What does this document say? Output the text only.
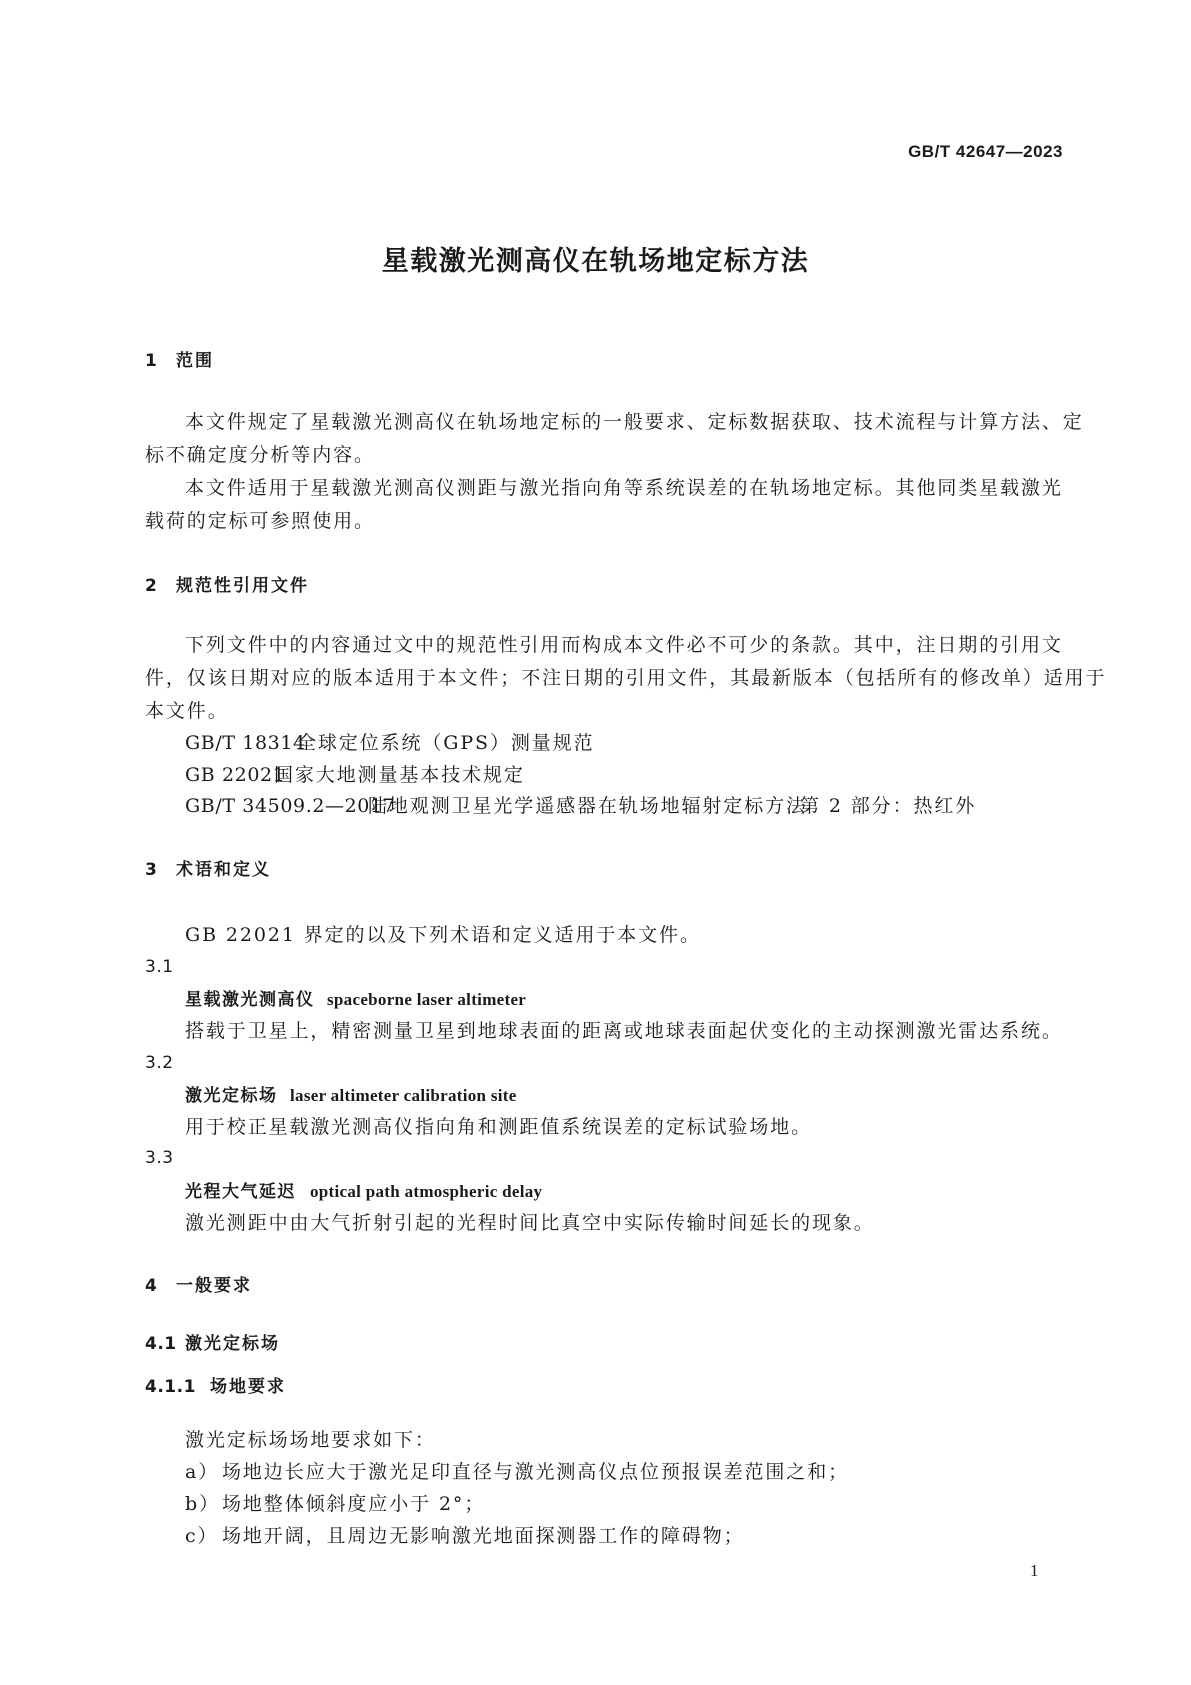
GB/T 42647—2023
星载激光测高仪在轨场地定标方法
1 范围
本文件规定了星载激光测高仪在轨场地定标的一般要求、定标数据获取、技术流程与计算方法、定
标不确定度分析等内容。
本文件适用于星载激光测高仪测距与激光指向角等系统误差的在轨场地定标。其他同类星载激光
载荷的定标可参照使用。
2 规范性引用文件
下列文件中的内容通过文中的规范性引用而构成本文件必不可少的条款。其中，注日期的引用文
件，仅该日期对应的版本适用于本文件；不注日期的引用文件，其最新版本（包括所有的修改单）适用于
本文件。
GB/T 18314
全球定位系统（GPS）测量规范
GB 22021
国家大地测量基本技术规定
GB/T 34509.2—2017
陆地观测卫星光学遥感器在轨场地辐射定标方法
第 2 部分：热红外
3 术语和定义
GB 22021 界定的以及下列术语和定义适用于本文件。
3.1
星载激光测高仪 spaceborne laser altimeter
搭载于卫星上，精密测量卫星到地球表面的距离或地球表面起伏变化的主动探测激光雷达系统。
3.2
激光定标场 laser altimeter calibration site
用于校正星载激光测高仪指向角和测距值系统误差的定标试验场地。
3.3
光程大气延迟 optical path atmospheric delay
激光测距中由大气折射引起的光程时间比真空中实际传输时间延长的现象。
4 一般要求
4.1 激光定标场
4.1.1 场地要求
激光定标场场地要求如下：
a） 场地边长应大于激光足印直径与激光测高仪点位预报误差范围之和；
b） 场地整体倾斜度应小于 2°；
c） 场地开阔，且周边无影响激光地面探测器工作的障碍物；
1
